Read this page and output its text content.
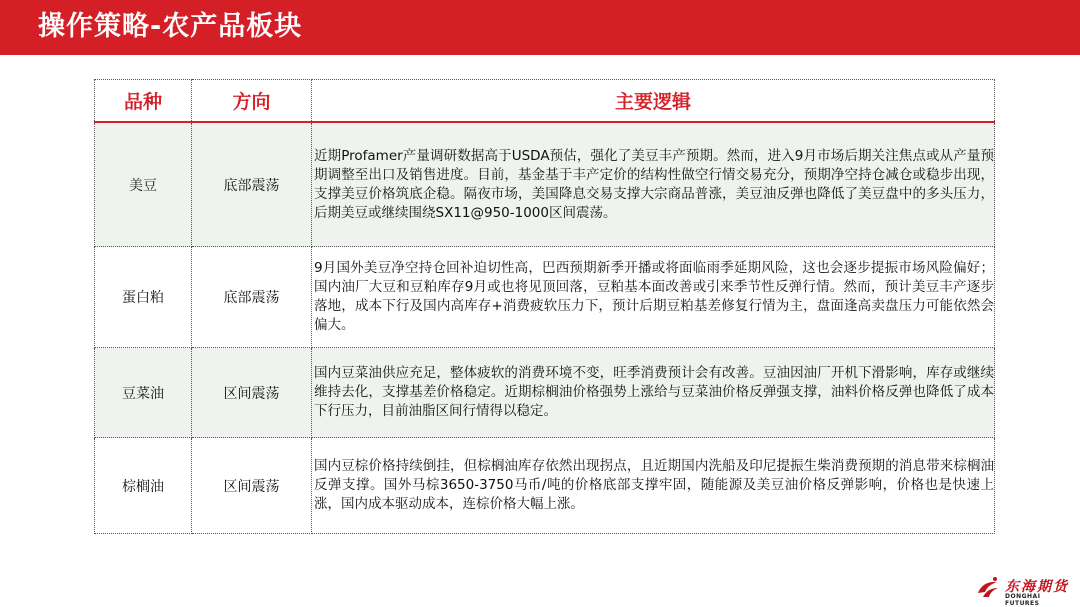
操作策略-农产品板块
品种	方向	主要逻辑
美豆	底部震荡	近期Profamer产量调研数据高于USDA预估，强化了美豆丰产预期。然而，进入9月市场后期关注焦点或从产量预期调整至出口及销售进度。目前，基金基于丰产定价的结构性做空行情交易充分，预期净空持仓减仓或稳步出现，支撑美豆价格筑底企稳。隔夜市场，美国降息交易支撑大宗商品普涨，美豆油反弹也降低了美豆盘中的多头压力，后期美豆或继续围绕SX11@950-1000区间震荡。
蛋白粕	底部震荡	9月国外美豆净空持仓回补迫切性高，巴西预期新季开播或将面临雨季延期风险，这也会逐步提振市场风险偏好；国内油厂大豆和豆粕库存9月或也将见顶回落，豆粕基本面改善或引来季节性反弹行情。然而，预计美豆丰产逐步落地，成本下行及国内高库存+消费疲软压力下，预计后期豆粕基差修复行情为主，盘面逢高卖盘压力可能依然会偏大。
豆菜油	区间震荡	国内豆菜油供应充足，整体疲软的消费环境不变，旺季消费预计会有改善。豆油因油厂开机下滑影响，库存或继续维持去化，支撑基差价格稳定。近期棕榈油价格强势上涨给与豆菜油价格反弹强支撑，油料价格反弹也降低了成本下行压力，目前油脂区间行情得以稳定。
棕榈油	区间震荡	国内豆棕价格持续倒挂，但棕榈油库存依然出现拐点，且近期国内洗船及印尼提振生柴消费预期的消息带来棕榈油反弹支撑。国外马棕3650-3750马币/吨的价格底部支撑牢固，随能源及美豆油价格反弹影响，价格也是快速上涨，国内成本驱动成本，连棕价格大幅上涨。
东海期货
DONGHAI FUTURES
